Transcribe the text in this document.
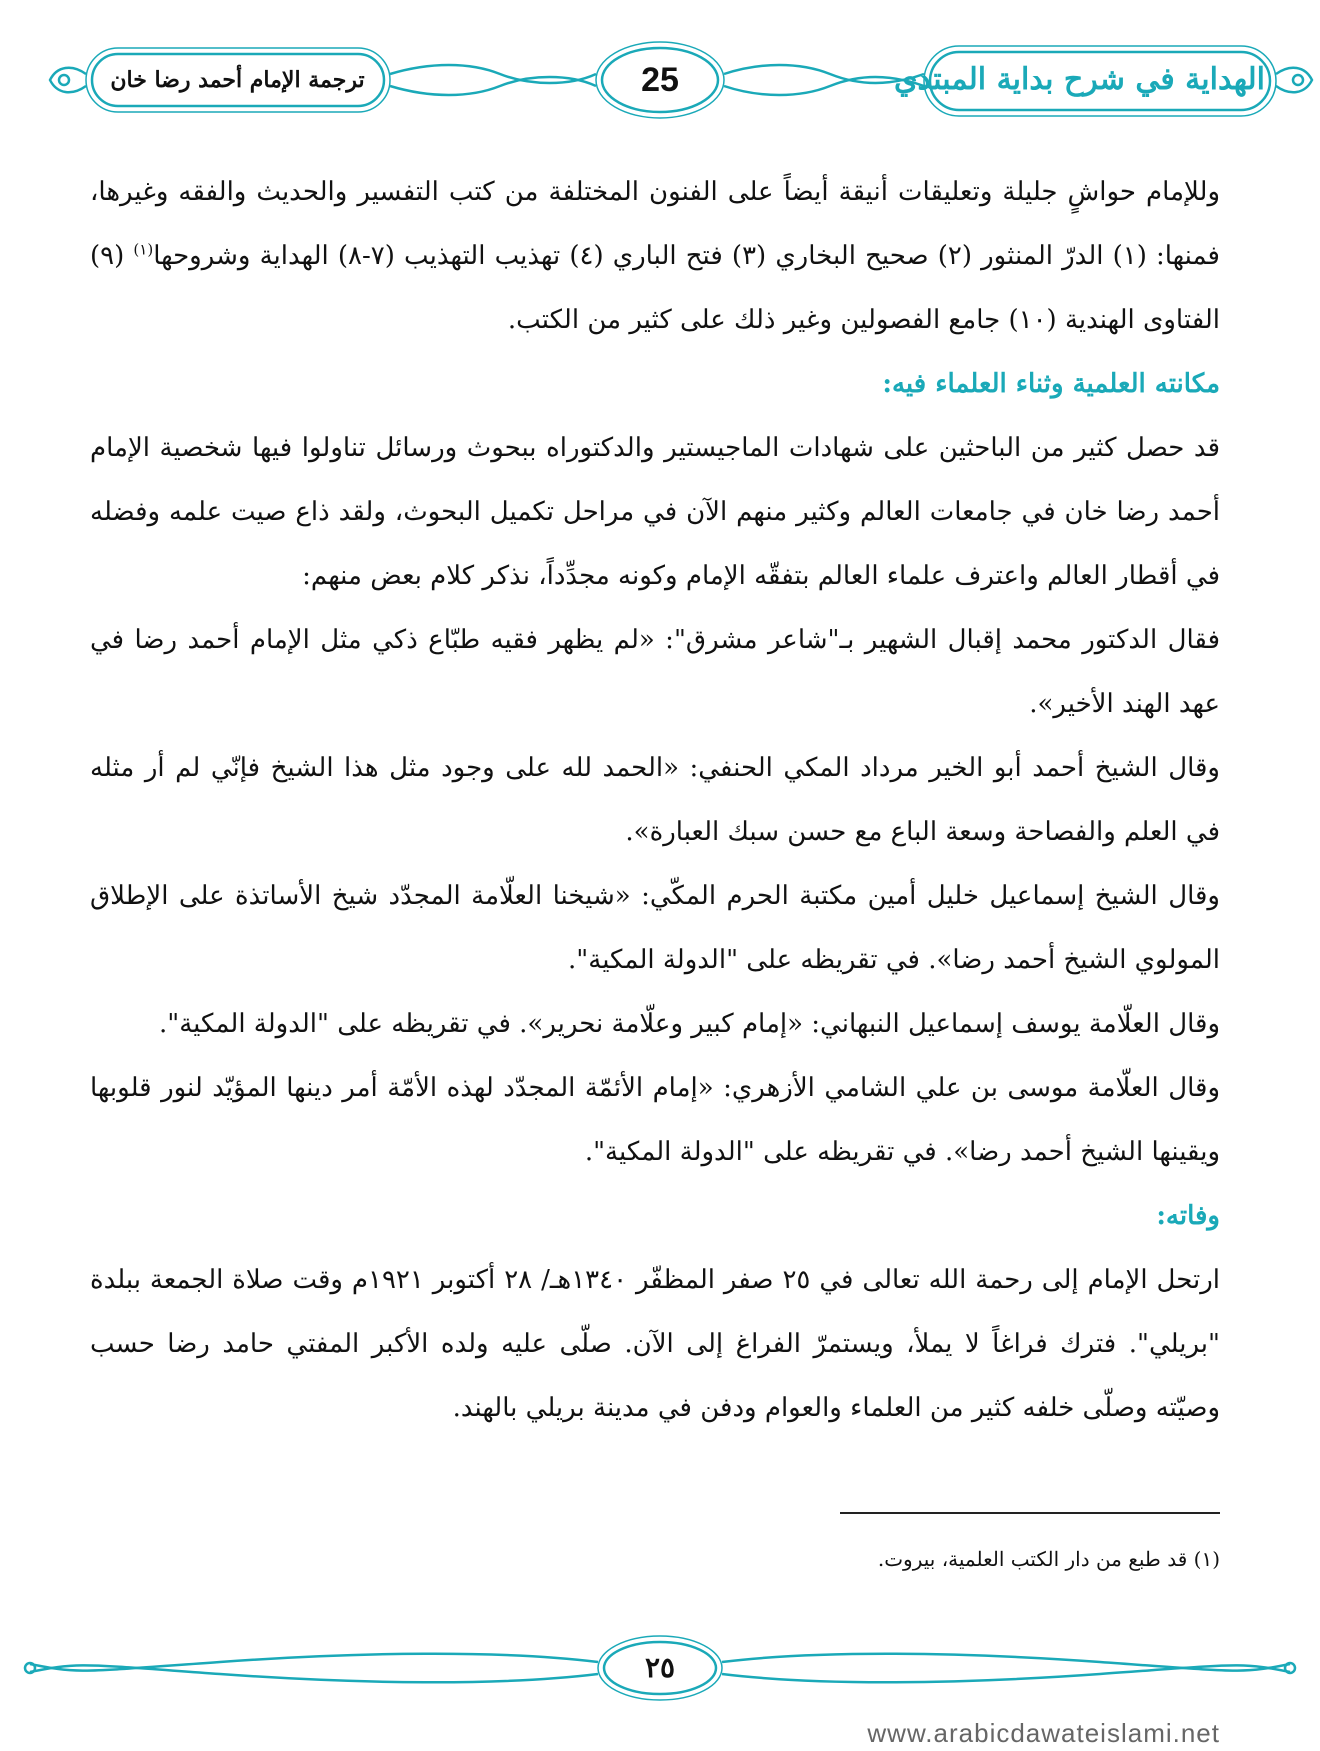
الهداية في شرح بداية المبتدي
25
ترجمة الإمام أحمد رضا خان

وللإمام حواشٍ جليلة وتعليقات أنيقة أيضاً على الفنون المختلفة من كتب التفسير والحديث والفقه وغيرها، فمنها: (١) الدرّ المنثور (٢) صحيح البخاري (٣) فتح الباري (٤) تهذيب التهذيب (٧-٨) الهداية وشروحها$^{(١)}$ (٩) الفتاوى الهندية (١٠) جامع الفصولين وغير ذلك على كثير من الكتب.

مكانته العلمية وثناء العلماء فيه:

قد حصل كثير من الباحثين على شهادات الماجيستير والدكتوراه ببحوث ورسائل تناولوا فيها شخصية الإمام أحمد رضا خان في جامعات العالم وكثير منهم الآن في مراحل تكميل البحوث، ولقد ذاع صيت علمه وفضله في أقطار العالم واعترف علماء العالم بتفقّه الإمام وكونه مجدِّداً، نذكر كلام بعض منهم:

فقال الدكتور محمد إقبال الشهير بـ"شاعر مشرق": «لم يظهر فقيه طبّاع ذكي مثل الإمام أحمد رضا في عهد الهند الأخير».

وقال الشيخ أحمد أبو الخير مرداد المكي الحنفي: «الحمد لله على وجود مثل هذا الشيخ فإنّي لم أر مثله في العلم والفصاحة وسعة الباع مع حسن سبك العبارة».

وقال الشيخ إسماعيل خليل أمين مكتبة الحرم المكّي: «شيخنا العلّامة المجدّد شيخ الأساتذة على الإطلاق المولوي الشيخ أحمد رضا». في تقريظه على "الدولة المكية".

وقال العلّامة يوسف إسماعيل النبهاني: «إمام كبير وعلّامة نحرير». في تقريظه على "الدولة المكية".

وقال العلّامة موسى بن علي الشامي الأزهري: «إمام الأئمّة المجدّد لهذه الأمّة أمر دينها المؤيّد لنور قلوبها ويقينها الشيخ أحمد رضا». في تقريظه على "الدولة المكية".

وفاته:

ارتحل الإمام إلى رحمة الله تعالى في ٢٥ صفر المظفّر ١٣٤٠هـ/ ٢٨ أكتوبر ١٩٢١م وقت صلاة الجمعة ببلدة "بريلي". فترك فراغاً لا يملأ، ويستمرّ الفراغ إلى الآن. صلّى عليه ولده الأكبر المفتي حامد رضا حسب وصيّته وصلّى خلفه كثير من العلماء والعوام ودفن في مدينة بريلي بالهند.

(١) قد طبع من دار الكتب العلمية، بيروت.
٢٥
www.arabicdawateislami.net
